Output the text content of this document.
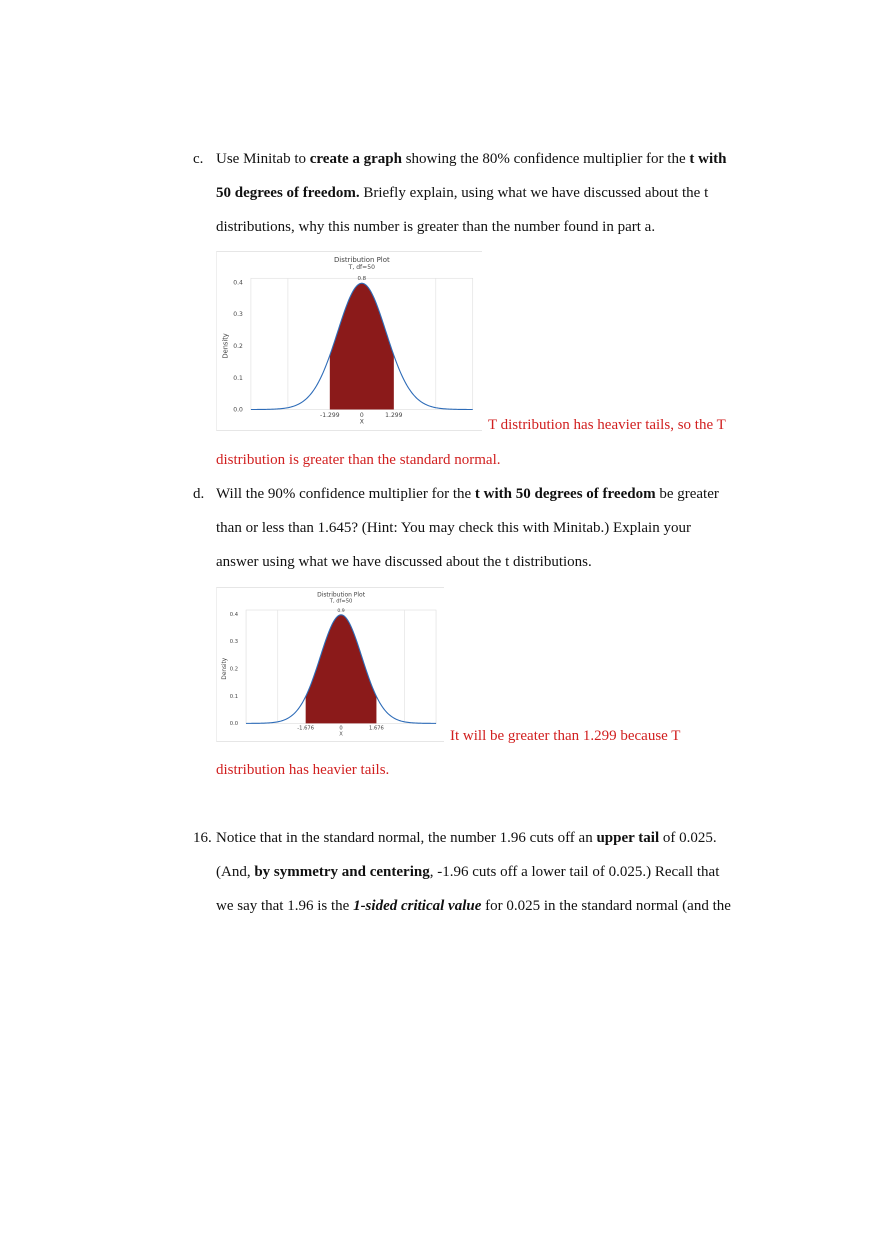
c. Use Minitab to create a graph showing the 80% confidence multiplier for the t with
50 degrees of freedom. Briefly explain, using what we have discussed about the t
distributions, why this number is greater than the number found in part a.
Distribution Plot
T, df=50
0.4
0.3
0.2
0.1
0.0
Density
0.8
-1.299	0	1.299
X	T distribution has heavier tails, so the T
distribution is greater than the standard normal.
d. Will the 90% confidence multiplier for the t with 50 degrees of freedom be greater
than or less than 1.645? (Hint: You may check this with Minitab.) Explain your
answer using what we have discussed about the t distributions.
Distribution Plot
T, df=50
0.4
0.3
0.2
0.1
0.0
Density
0.9
-1.676	0	1.676
X	It will be greater than 1.299 because T
distribution has heavier tails.
16. Notice that in the standard normal, the number 1.96 cuts off an upper tail of 0.025.
(And, by symmetry and centering, -1.96 cuts off a lower tail of 0.025.) Recall that
we say that 1.96 is the 1-sided critical value for 0.025 in the standard normal (and the
